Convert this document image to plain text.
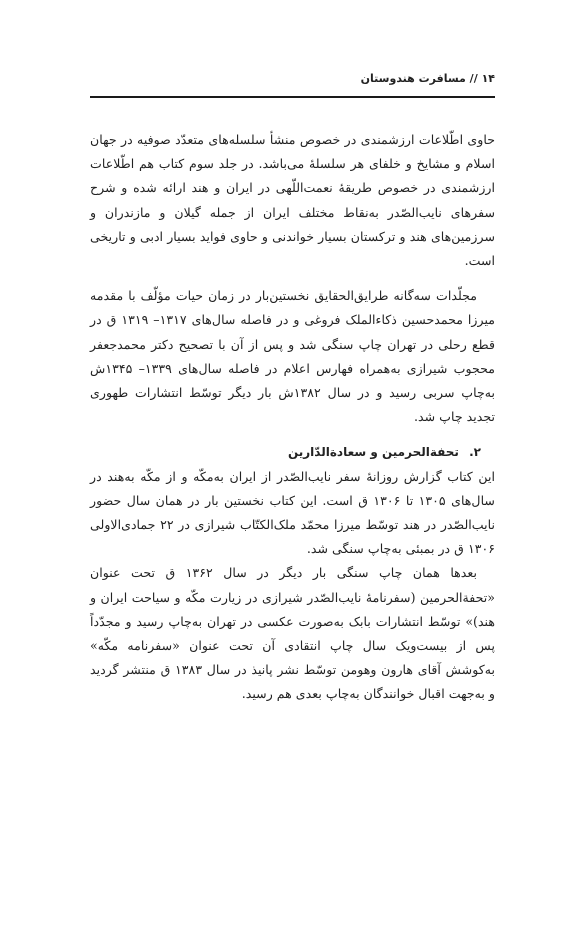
۱۴ // مسافرت هندوستان

حاوی اطّلاعات ارزشمندی در خصوص منشأ سلسله‌های متعدّد صوفیه در جهان اسلام و مشایخ و خلفای هر سلسلهٔ می‌باشد. در جلد سوم کتاب هم اطّلاعات ارزشمندی در خصوص طریقهٔ نعمت‌اللّهی در ایران و هند ارائه شده و شرح سفرهای نایب‌الصّدر به‌نقاط مختلف ایران از جمله گیلان و مازندران و سرزمین‌های هند و ترکستان بسیار خواندنی و حاوی فواید بسیار ادبی و تاریخی است.

مجلّدات سه‌گانه طرایق‌الحقایق نخستین‌بار در زمان حیات مؤلّف با مقدمه میرزا محمدحسین ذکاءالملک فروغی و در فاصله سال‌های ۱۳۱۷– ۱۳۱۹ ق در قطع رحلی در تهران چاپ سنگی شد و پس از آن با تصحیح دکتر محمدجعفر محجوب شیرازی به‌همراه فهارس اعلام در فاصله سال‌های ۱۳۳۹– ۱۳۴۵ش به‌چاپ سربی رسید و در سال ۱۳۸۲ش بار دیگر توسّط انتشارات طهوری تجدید چاپ شد.

۲. تحفةالحرمین و سعادةالدّارین

این کتاب گزارش روزانهٔ سفر نایب‌الصّدر از ایران به‌مکّه و از مکّه به‌هند در سال‌های ۱۳۰۵ تا ۱۳۰۶ ق است. این کتاب نخستین بار در همان سال حضور نایب‌الصّدر در هند توسّط میرزا محمّد ملک‌الکتّاب شیرازی در ۲۲ جمادی‌الاولی ۱۳۰۶ ق در بمبئی به‌چاپ سنگی شد.

بعدها همان چاپ سنگی بار دیگر در سال ۱۳۶۲ ق تحت عنوان «تحفةالحرمین (سفرنامهٔ نایب‌الصّدر شیرازی در زیارت مکّه و سیاحت ایران و هند)» توسّط انتشارات بابک به‌صورت عکسی در تهران به‌چاپ رسید و مجدّداً پس از بیست‌ویک سال چاپ انتقادی آن تحت عنوان «سفرنامه مکّه» به‌کوشش آقای هارون وهومن توسّط نشر پانیذ در سال ۱۳۸۳ ق منتشر گردید و به‌جهت اقبال خوانندگان به‌چاپ بعدی هم رسید.
